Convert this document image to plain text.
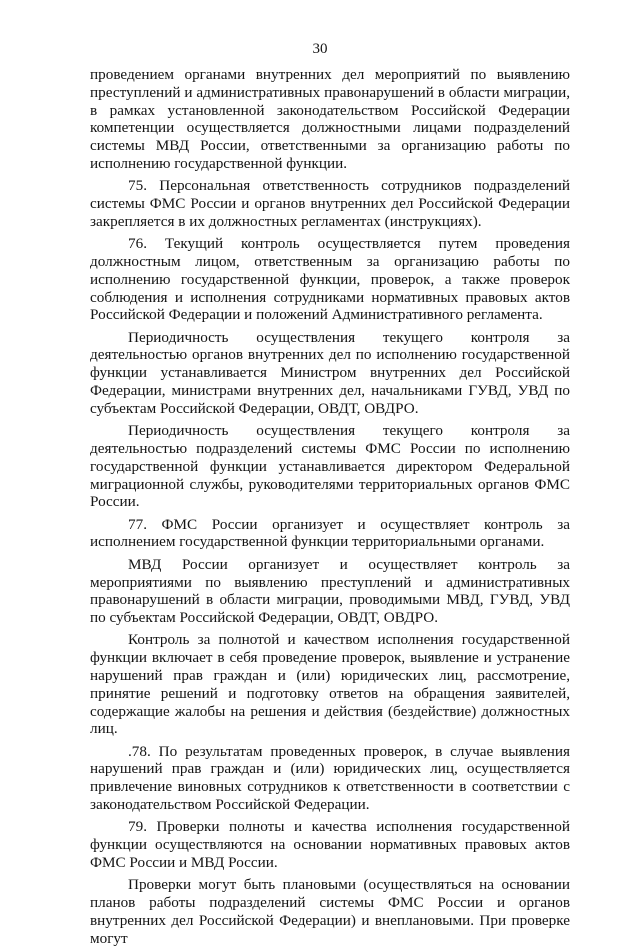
30

проведением органами внутренних дел мероприятий по выявлению преступлений и административных правонарушений в области миграции, в рамках установленной законодательством Российской Федерации компетенции осуществляется должностными лицами подразделений системы МВД России, ответственными за организацию работы по исполнению государственной функции.

75. Персональная ответственность сотрудников подразделений системы ФМС России и органов внутренних дел Российской Федерации закрепляется в их должностных регламентах (инструкциях).

76. Текущий контроль осуществляется путем проведения должностным лицом, ответственным за организацию работы по исполнению государственной функции, проверок, а также проверок соблюдения и исполнения сотрудниками нормативных правовых актов Российской Федерации и положений Административного регламента.

Периодичность осуществления текущего контроля за деятельностью органов внутренних дел по исполнению государственной функции устанавливается Министром внутренних дел Российской Федерации, министрами внутренних дел, начальниками ГУВД, УВД по субъектам Российской Федерации, ОВДТ, ОВДРО.

Периодичность осуществления текущего контроля за деятельностью подразделений системы ФМС России по исполнению государственной функции устанавливается директором Федеральной миграционной службы, руководителями территориальных органов ФМС России.

77. ФМС России организует и осуществляет контроль за исполнением государственной функции территориальными органами.

МВД России организует и осуществляет контроль за мероприятиями по выявлению преступлений и административных правонарушений в области миграции, проводимыми МВД, ГУВД, УВД по субъектам Российской Федерации, ОВДТ, ОВДРО.

Контроль за полнотой и качеством исполнения государственной функции включает в себя проведение проверок, выявление и устранение нарушений прав граждан и (или) юридических лиц, рассмотрение, принятие решений и подготовку ответов на обращения заявителей, содержащие жалобы на решения и действия (бездействие) должностных лиц.

.78. По результатам проведенных проверок, в случае выявления нарушений прав граждан и (или) юридических лиц, осуществляется привлечение виновных сотрудников к ответственности в соответствии с законодательством Российской Федерации.

79. Проверки полноты и качества исполнения государственной функции осуществляются на основании нормативных правовых актов ФМС России и МВД России.

Проверки могут быть плановыми (осуществляться на основании планов работы подразделений системы ФМС России и органов внутренних дел Российской Федерации) и внеплановыми. При проверке могут
